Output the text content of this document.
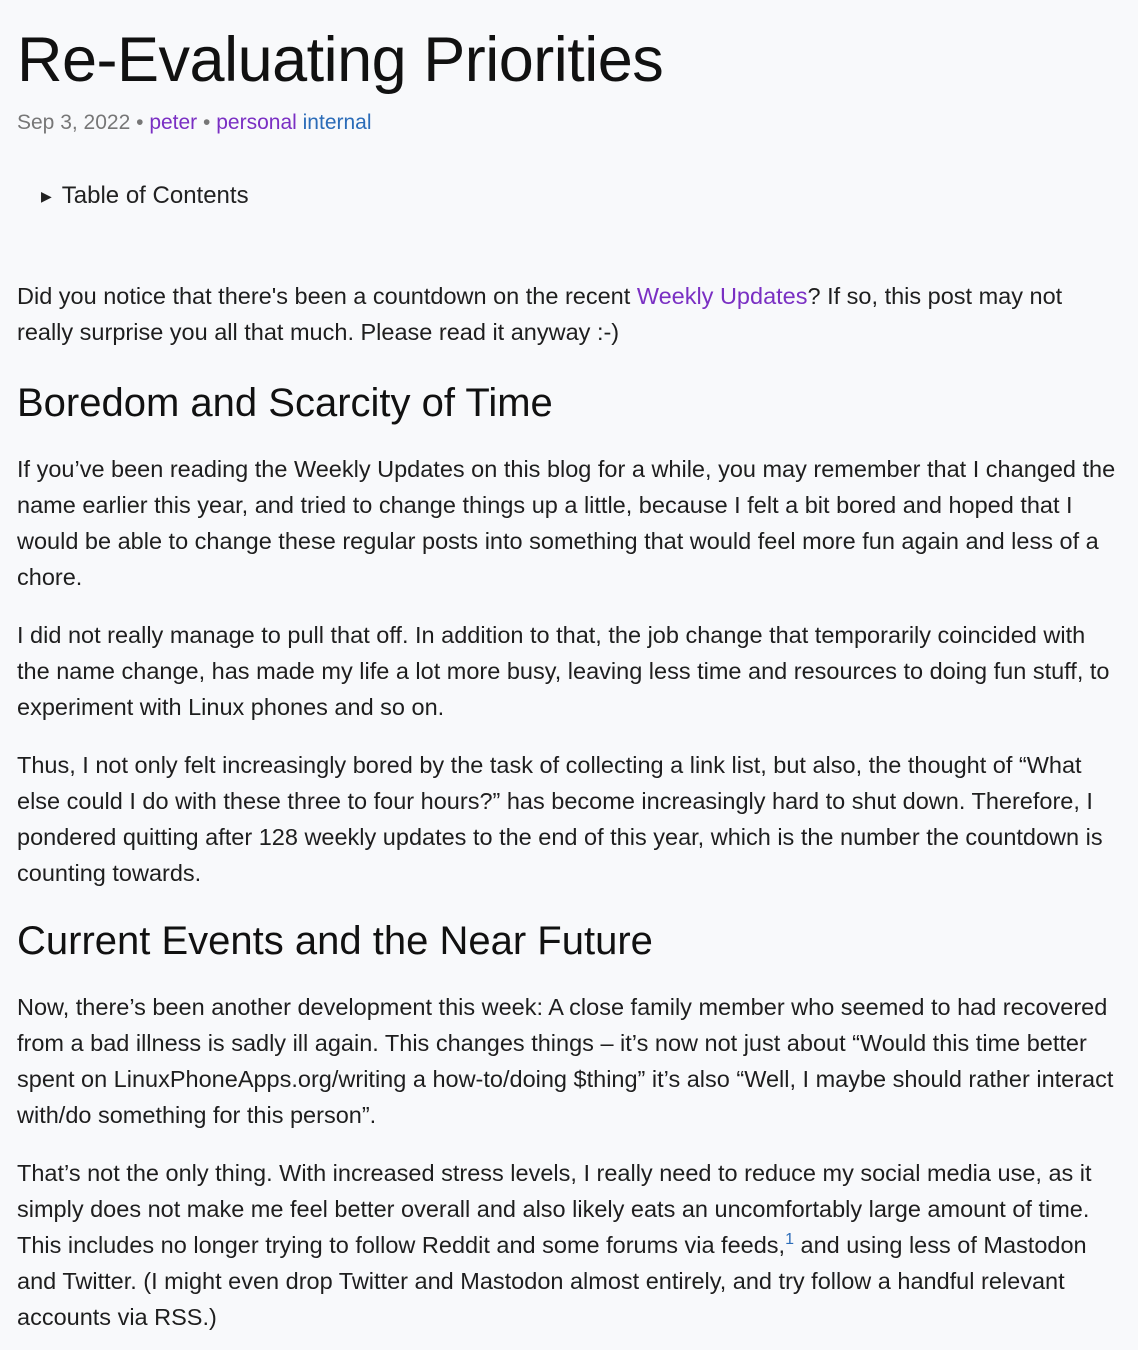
Re-Evaluating Priorities
Sep 3, 2022 • peter • personal internal
▶ Table of Contents

Did you notice that there's been a countdown on the recent Weekly Updates? If so, this post may not really surprise you all that much. Please read it anyway :-)

Boredom and Scarcity of Time

If you’ve been reading the Weekly Updates on this blog for a while, you may remember that I changed the name earlier this year, and tried to change things up a little, because I felt a bit bored and hoped that I would be able to change these regular posts into something that would feel more fun again and less of a chore.

I did not really manage to pull that off. In addition to that, the job change that temporarily coincided with the name change, has made my life a lot more busy, leaving less time and resources to doing fun stuff, to experiment with Linux phones and so on.

Thus, I not only felt increasingly bored by the task of collecting a link list, but also, the thought of “What else could I do with these three to four hours?” has become increasingly hard to shut down. Therefore, I pondered quitting after 128 weekly updates to the end of this year, which is the number the countdown is counting towards.

Current Events and the Near Future

Now, there’s been another development this week: A close family member who seemed to had recovered from a bad illness is sadly ill again. This changes things – it’s now not just about “Would this time better spent on LinuxPhoneApps.org/writing a how-to/doing $thing” it’s also “Well, I maybe should rather interact with/do something for this person”.

That’s not the only thing. With increased stress levels, I really need to reduce my social media use, as it simply does not make me feel better overall and also likely eats an uncomfortably large amount of time. This includes no longer trying to follow Reddit and some forums via feeds,$^1$ and using less of Mastodon and Twitter. (I might even drop Twitter and Mastodon almost entirely, and try follow a handful relevant accounts via RSS.)
